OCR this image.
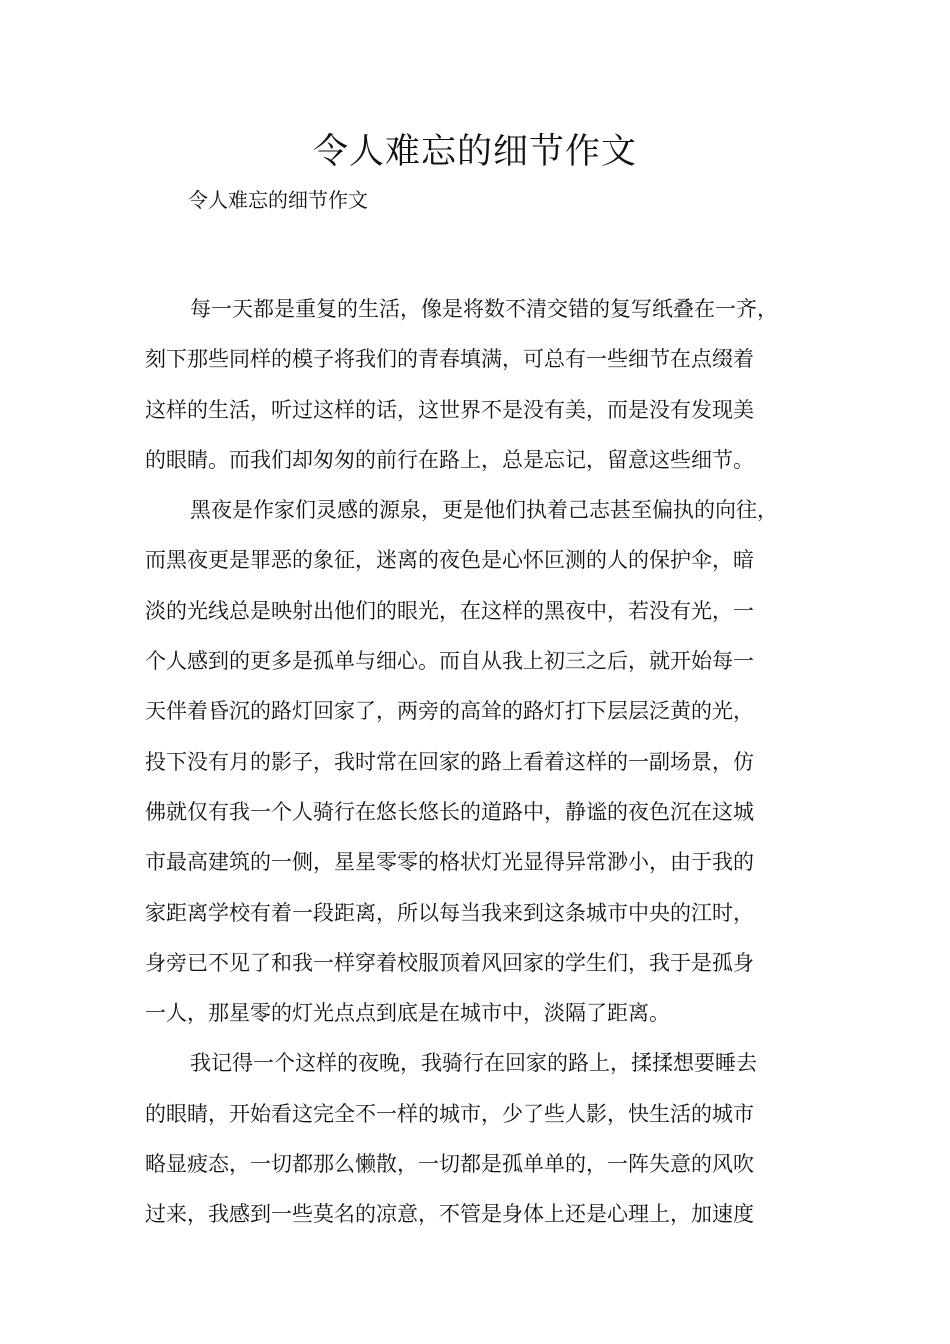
令人难忘的细节作文

令人难忘的细节作文

每一天都是重复的生活，像是将数不清交错的复写纸叠在一齐，
刻下那些同样的模子将我们的青春填满，可总有一些细节在点缀着
这样的生活，听过这样的话，这世界不是没有美，而是没有发现美
的眼睛。而我们却匆匆的前行在路上，总是忘记，留意这些细节。

黑夜是作家们灵感的源泉，更是他们执着己志甚至偏执的向往，
而黑夜更是罪恶的象征，迷离的夜色是心怀叵测的人的保护伞，暗
淡的光线总是映射出他们的眼光，在这样的黑夜中，若没有光，一
个人感到的更多是孤单与细心。而自从我上初三之后，就开始每一
天伴着昏沉的路灯回家了，两旁的高耸的路灯打下层层泛黄的光，
投下没有月的影子，我时常在回家的路上看着这样的一副场景，仿
佛就仅有我一个人骑行在悠长悠长的道路中，静谧的夜色沉在这城
市最高建筑的一侧，星星零零的格状灯光显得异常渺小，由于我的
家距离学校有着一段距离，所以每当我来到这条城市中央的江时，
身旁已不见了和我一样穿着校服顶着风回家的学生们，我于是孤身
一人，那星零的灯光点点到底是在城市中，淡隔了距离。

我记得一个这样的夜晚，我骑行在回家的路上，揉揉想要睡去
的眼睛，开始看这完全不一样的城市，少了些人影，快生活的城市
略显疲态，一切都那么懒散，一切都是孤单单的，一阵失意的风吹
过来，我感到一些莫名的凉意，不管是身体上还是心理上，加速度
